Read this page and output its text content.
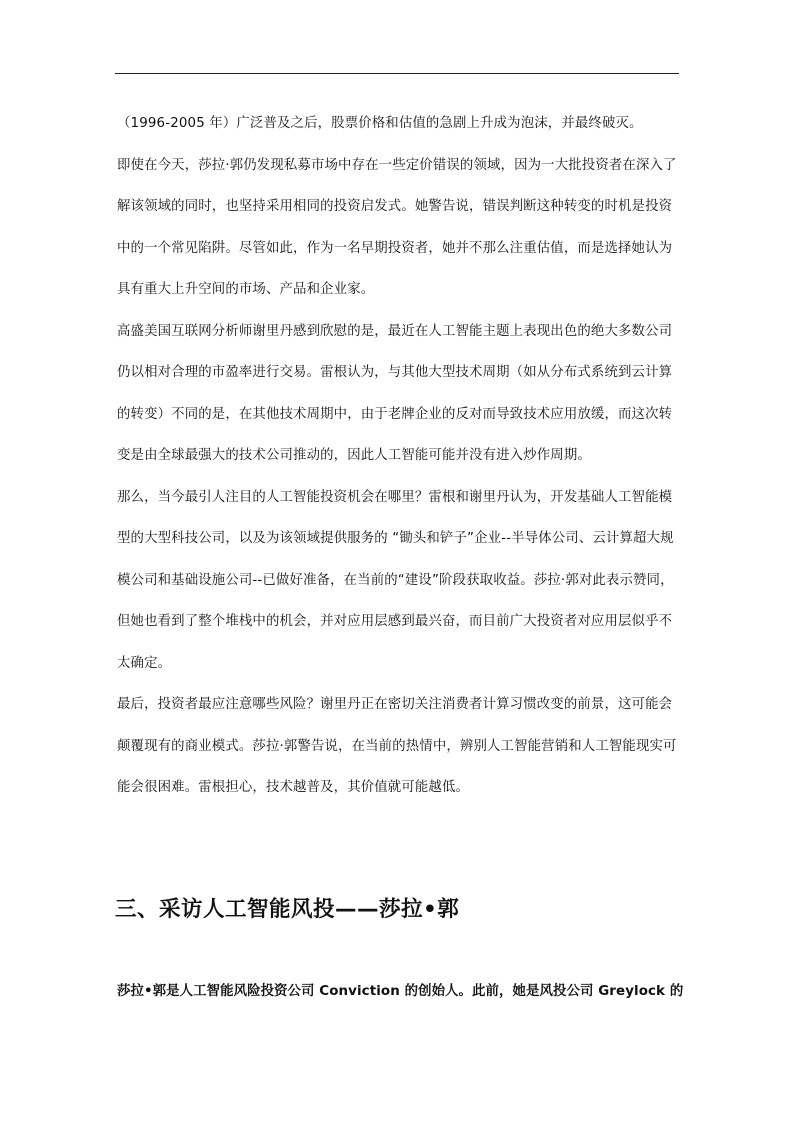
（1996-2005 年）广泛普及之后，股票价格和估值的急剧上升成为泡沫，并最终破灭。

即使在今天，莎拉·郭仍发现私募市场中存在一些定价错误的领域，因为一大批投资者在深入了解该领域的同时，也坚持采用相同的投资启发式。她警告说，错误判断这种转变的时机是投资中的一个常见陷阱。尽管如此，作为一名早期投资者，她并不那么注重估值，而是选择她认为具有重大上升空间的市场、产品和企业家。

高盛美国互联网分析师谢里丹感到欣慰的是，最近在人工智能主题上表现出色的绝大多数公司仍以相对合理的市盈率进行交易。雷根认为，与其他大型技术周期（如从分布式系统到云计算的转变）不同的是，在其他技术周期中，由于老牌企业的反对而导致技术应用放缓，而这次转变是由全球最强大的技术公司推动的，因此人工智能可能并没有进入炒作周期。

那么，当今最引人注目的人工智能投资机会在哪里？雷根和谢里丹认为，开发基础人工智能模型的大型科技公司，以及为该领域提供服务的 “锄头和铲子”企业--半导体公司、云计算超大规模公司和基础设施公司--已做好准备，在当前的“建设”阶段获取收益。莎拉·郭对此表示赞同，但她也看到了整个堆栈中的机会，并对应用层感到最兴奋，而目前广大投资者对应用层似乎不太确定。

最后，投资者最应注意哪些风险？谢里丹正在密切关注消费者计算习惯改变的前景，这可能会颠覆现有的商业模式。莎拉·郭警告说，在当前的热情中，辨别人工智能营销和人工智能现实可能会很困难。雷根担心，技术越普及，其价值就可能越低。

三、采访人工智能风投——莎拉•郭

莎拉•郭是人工智能风险投资公司 Conviction 的创始人。此前，她是风投公司 Greylock 的
